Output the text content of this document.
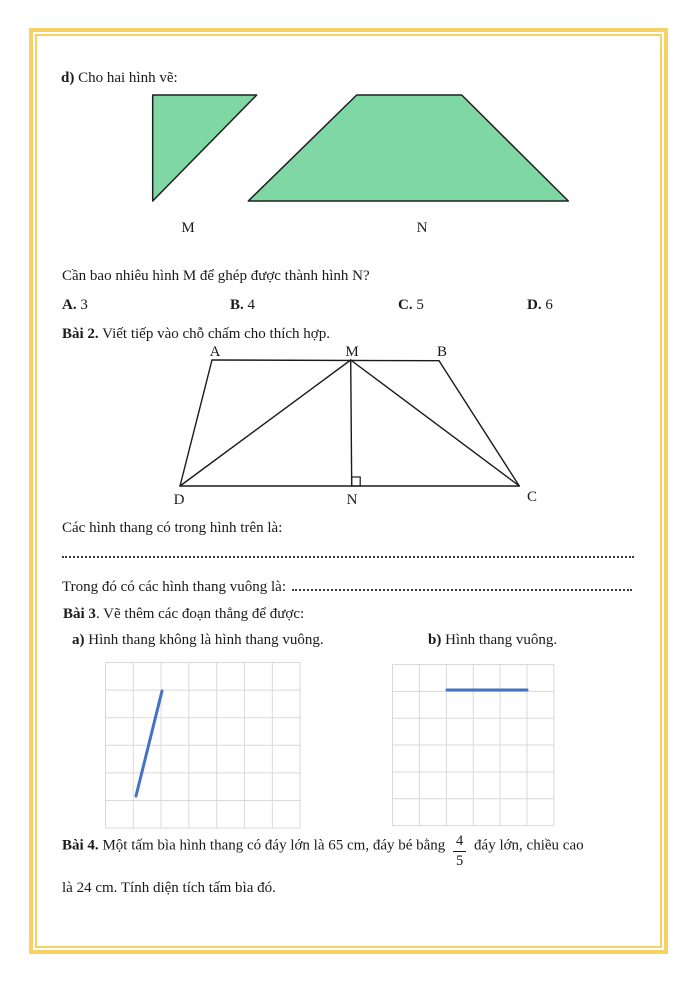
d) Cho hai hình vẽ:
M	N
Cần bao nhiêu hình M để ghép được thành hình N?
A. 3	B. 4	C. 5	D. 6
Bài 2. Viết tiếp vào chỗ chấm cho thích hợp.
A	M	B
D	N	C
Các hình thang có trong hình trên là:
Trong đó có các hình thang vuông là:
Bài 3. Vẽ thêm các đoạn thẳng để được:
a) Hình thang không là hình thang vuông.	b) Hình thang vuông.
Bài 4. Một tấm bìa hình thang có đáy lớn là 65 cm, đáy bé bằng $\frac{4}{5}$ đáy lớn, chiều cao
là 24 cm. Tính diện tích tấm bìa đó.
